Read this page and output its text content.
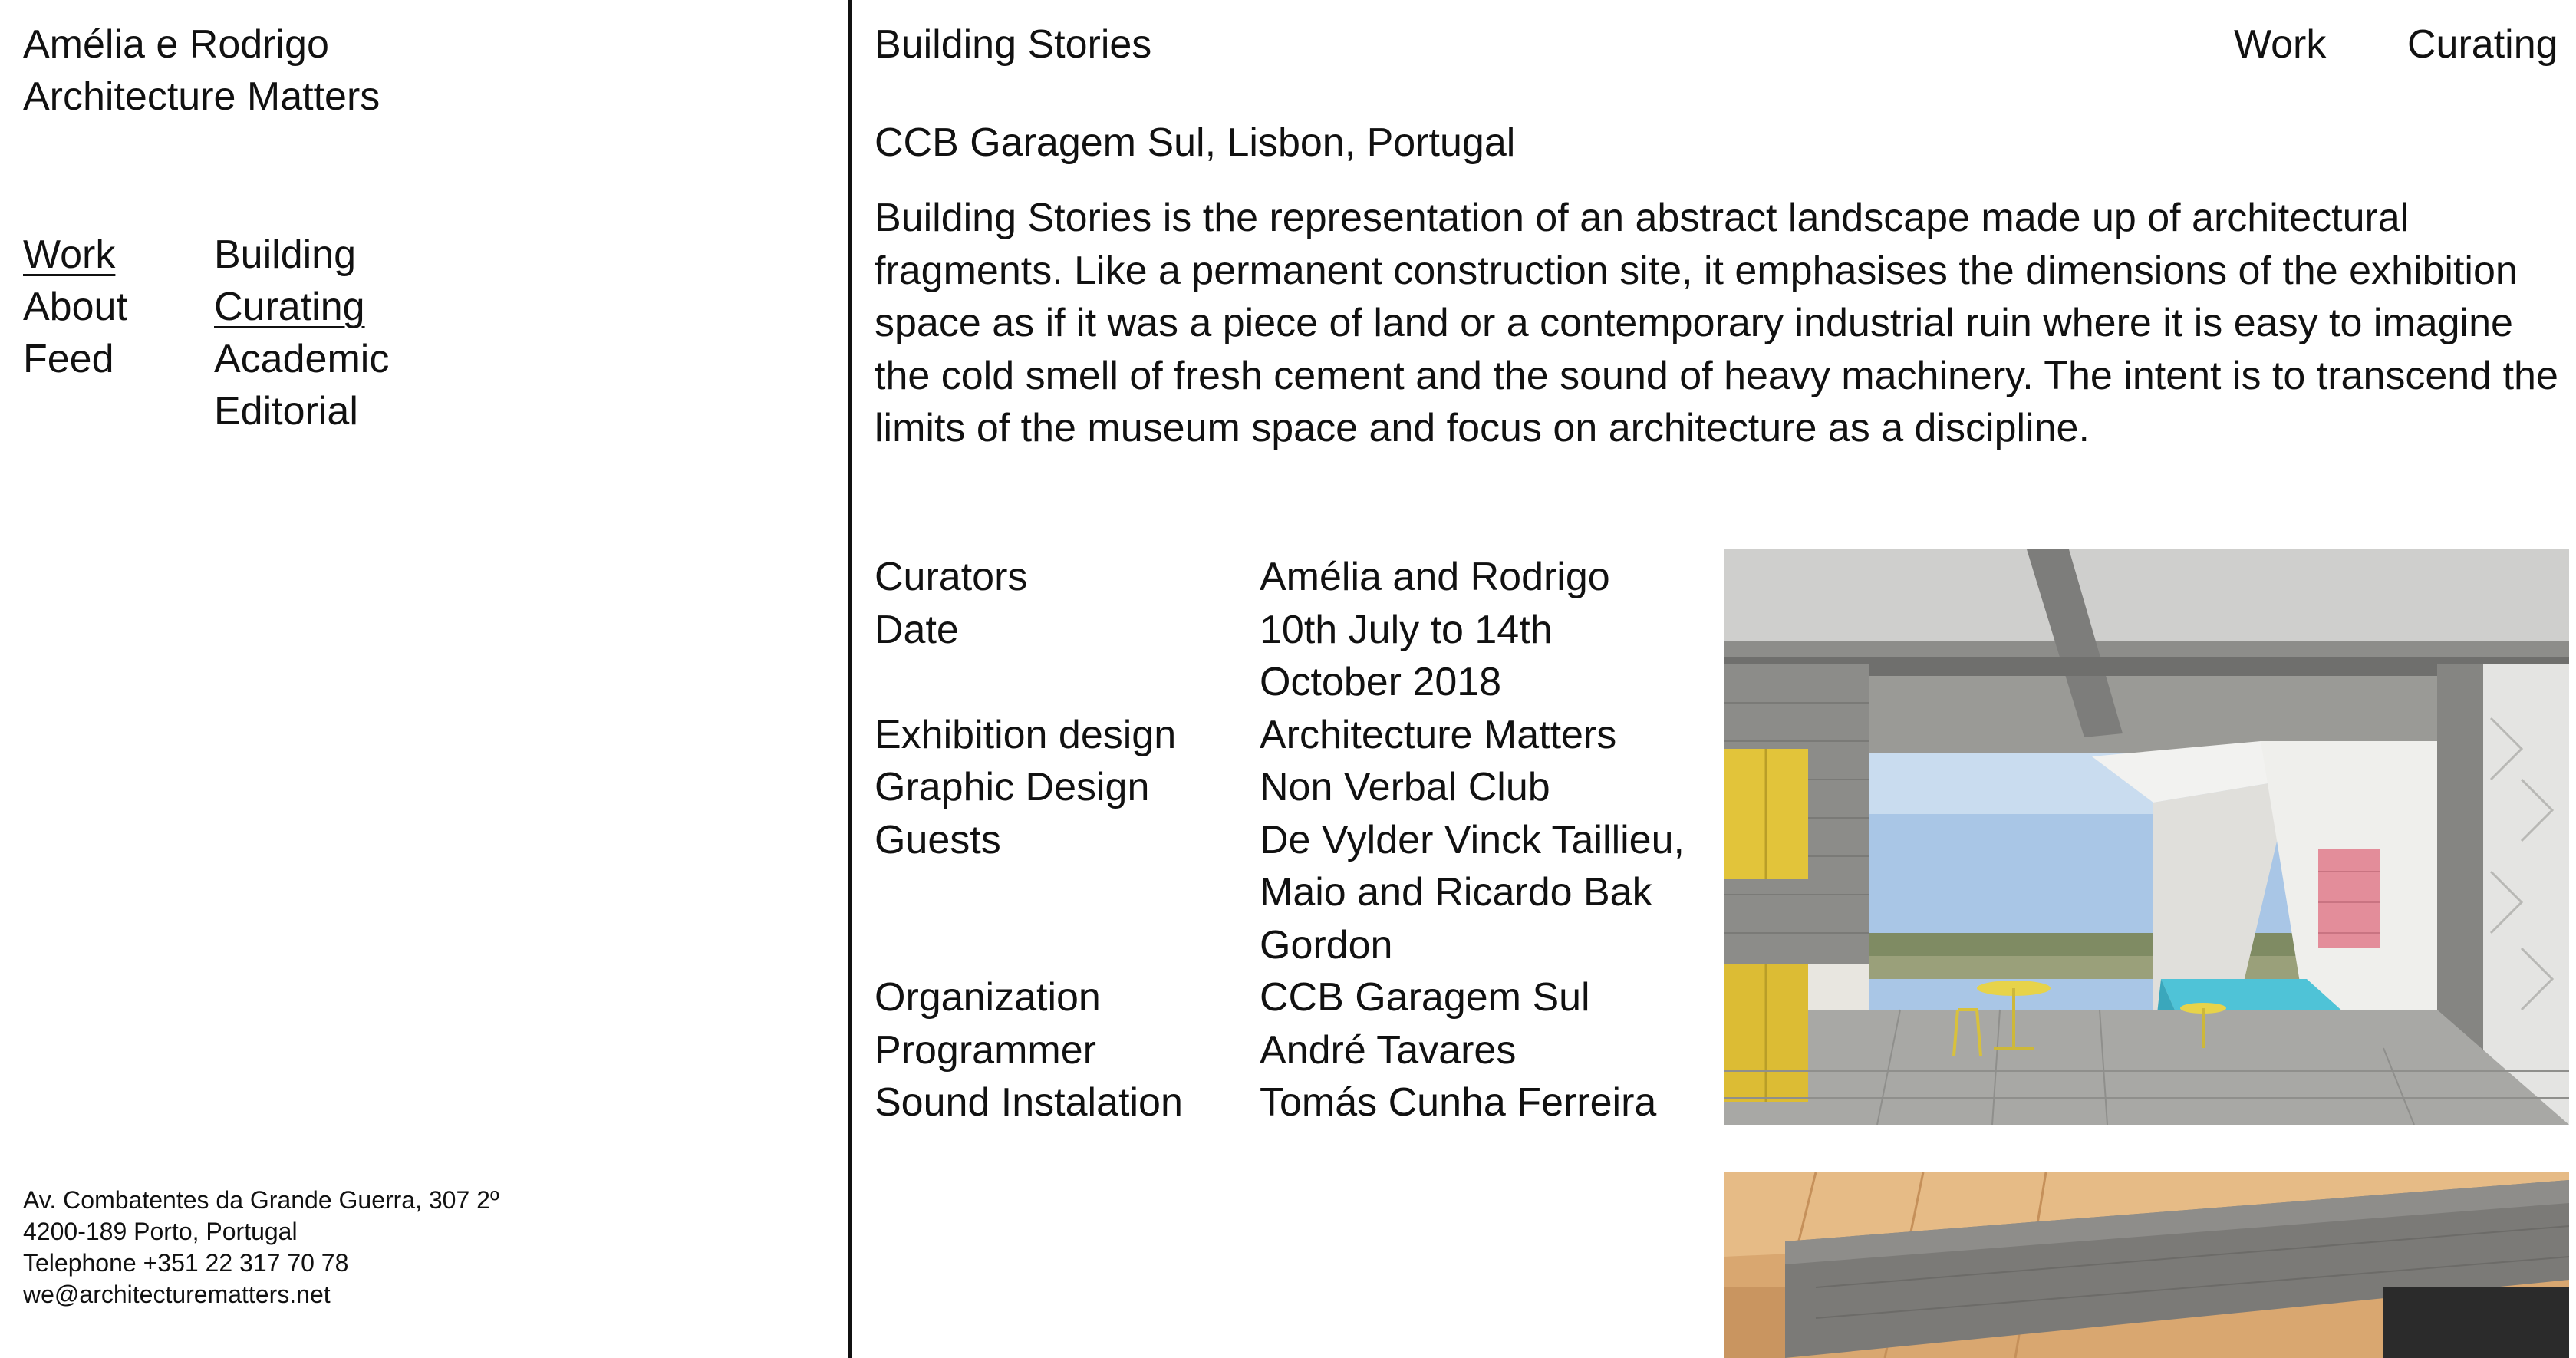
Amélia e Rodrigo
Architecture Matters
Work
About
Feed
Building
Curating
Academic
Editorial
Av. Combatentes da Grande Guerra, 307 2º
4200-189 Porto, Portugal
Telephone +351 22 317 70 78
we@architecturematters.net
Building Stories	Work Curating
CCB Garagem Sul, Lisbon, Portugal

Building Stories is the representation of an abstract landscape made up of architectural fragments. Like a permanent construction site, it emphasises the dimensions of the exhibition space as if it was a piece of land or a contemporary industrial ruin where it is easy to imagine the cold smell of fresh cement and the sound of heavy machinery. The intent is to transcend the limits of the museum space and focus on architecture as a discipline.

Curators	Amélia and Rodrigo
Date	10th July to 14th October 2018
Exhibition design	Architecture Matters
Graphic Design	Non Verbal Club
Guests	De Vylder Vinck Taillieu, Maio and Ricardo Bak Gordon
Organization	CCB Garagem Sul
Programmer	André Tavares
Sound Instalation	Tomás Cunha Ferreira
